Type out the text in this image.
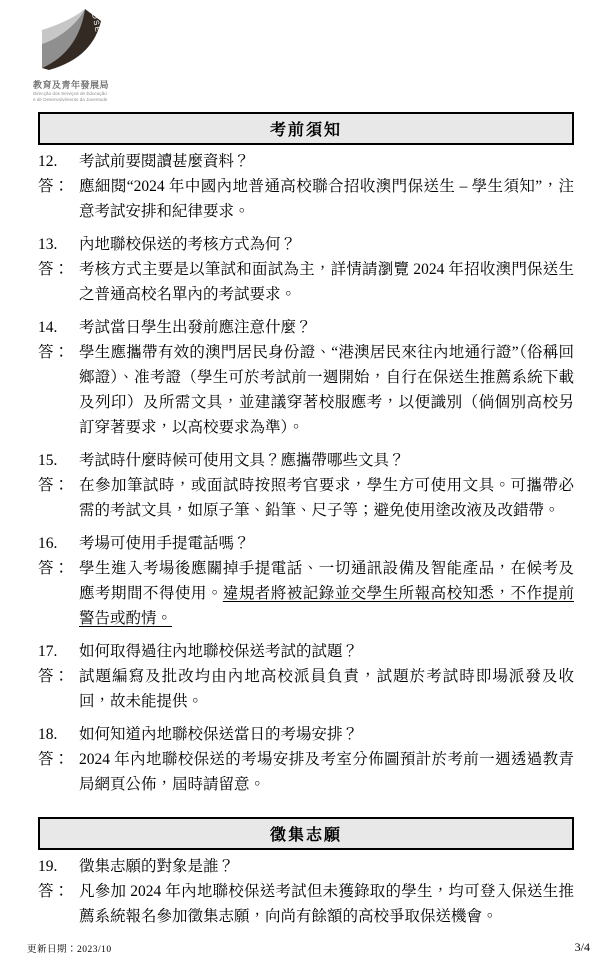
DSEDJ
教育及青年發展局
Direcção dos Serviços de Educação
e de Desenvolvimento da Juventude
考前須知
12.	考試前要閱讀甚麼資料？
答： 應細閱“2024 年中國內地普通高校聯合招收澳門保送生 – 學生須知”，注意考試安排和紀律要求。
13.	內地聯校保送的考核方式為何？
答： 考核方式主要是以筆試和面試為主，詳情請瀏覽 2024 年招收澳門保送生之普通高校名單內的考試要求。
14.	考試當日學生出發前應注意什麼？
答： 學生應攜帶有效的澳門居民身份證、“港澳居民來往內地通行證”（俗稱回鄉證）、准考證（學生可於考試前一週開始，自行在保送生推薦系統下載及列印）及所需文具，並建議穿著校服應考，以便識別（倘個別高校另訂穿著要求，以高校要求為準）。
15.	考試時什麼時候可使用文具？應攜帶哪些文具？
答： 在參加筆試時，或面試時按照考官要求，學生方可使用文具。可攜帶必需的考試文具，如原子筆、鉛筆、尺子等；避免使用塗改液及改錯帶。
16.	考場可使用手提電話嗎？
答： 學生進入考場後應關掉手提電話、一切通訊設備及智能產品，在候考及應考期間不得使用。違規者將被記錄並交學生所報高校知悉，不作提前警告或酌情。
17.	如何取得過往內地聯校保送考試的試題？
答： 試題編寫及批改均由內地高校派員負責，試題於考試時即場派發及收回，故未能提供。
18.	如何知道內地聯校保送當日的考場安排？
答： 2024 年內地聯校保送的考場安排及考室分佈圖預計於考前一週透過教青局網頁公佈，屆時請留意。
徵集志願
19.	徵集志願的對象是誰？
答： 凡參加 2024 年內地聯校保送考試但未獲錄取的學生，均可登入保送生推薦系統報名參加徵集志願，向尚有餘額的高校爭取保送機會。
更新日期：2023/10	3/4
